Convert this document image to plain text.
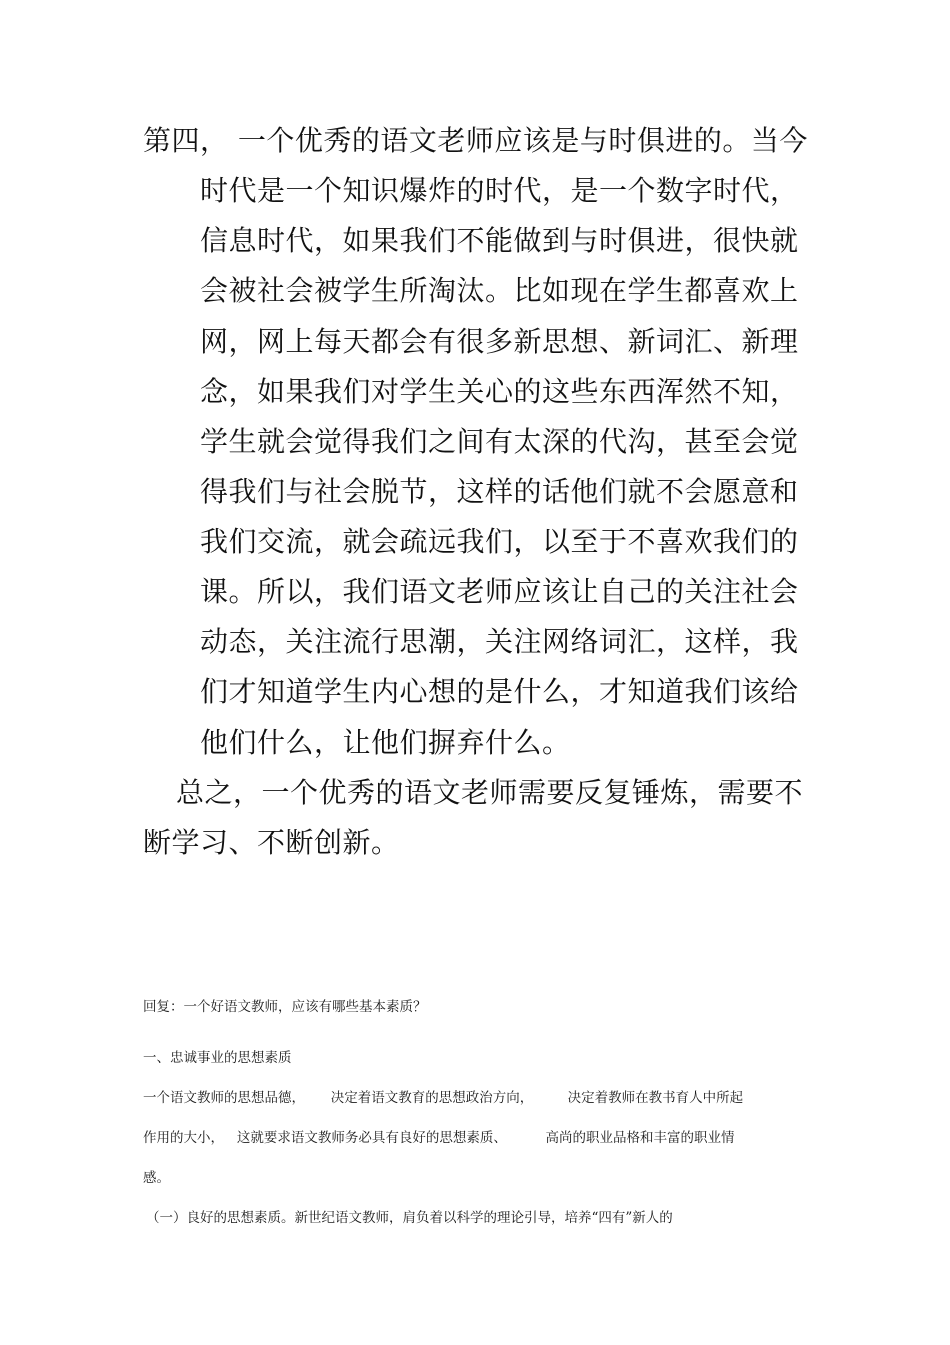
第四， 一个优秀的语文老师应该是与时俱进的。当今
时代是一个知识爆炸的时代，是一个数字时代，
信息时代，如果我们不能做到与时俱进，很快就
会被社会被学生所淘汰。比如现在学生都喜欢上
网，网上每天都会有很多新思想、新词汇、新理
念，如果我们对学生关心的这些东西浑然不知，
学生就会觉得我们之间有太深的代沟，甚至会觉
得我们与社会脱节，这样的话他们就不会愿意和
我们交流，就会疏远我们，以至于不喜欢我们的
课。所以，我们语文老师应该让自己的关注社会
动态，关注流行思潮，关注网络词汇，这样，我
们才知道学生内心想的是什么，才知道我们该给
他们什么，让他们摒弃什么。
总之，一个优秀的语文老师需要反复锤炼，需要不
断学习、不断创新。
回复：一个好语文教师，应该有哪些基本素质？
一、忠诚事业的思想素质
一个语文教师的思想品德，      决定着语文教育的思想政治方向，        决定着教师在教书育人中所起
作用的大小，   这就要求语文教师务必具有良好的思想素质、         高尚的职业品格和丰富的职业情
感。
（一）良好的思想素质。新世纪语文教师，肩负着以科学的理论引导，培养“四有”新人的
